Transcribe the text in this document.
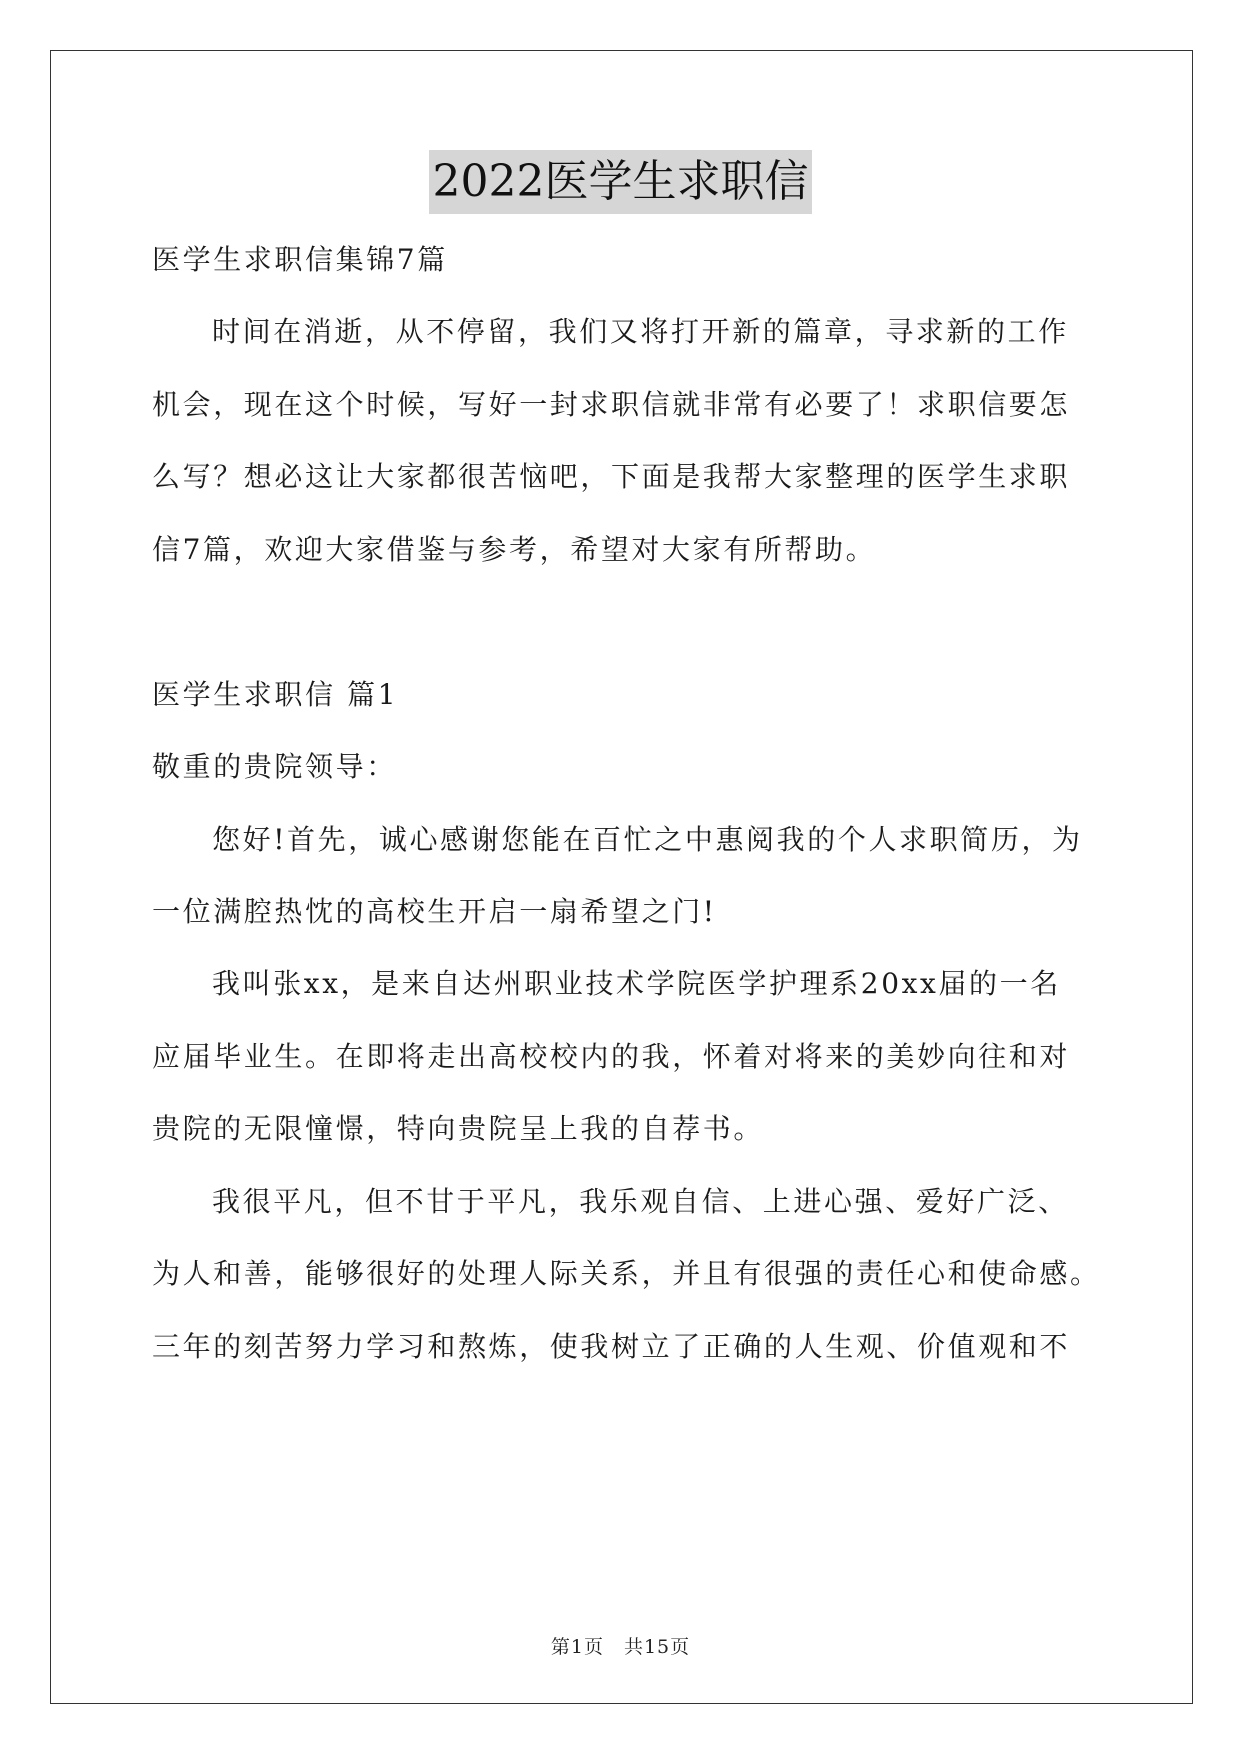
2022医学生求职信
医学生求职信集锦7篇
时间在消逝，从不停留，我们又将打开新的篇章，寻求新的工作
机会，现在这个时候，写好一封求职信就非常有必要了！求职信要怎
么写？想必这让大家都很苦恼吧，下面是我帮大家整理的医学生求职
信7篇，欢迎大家借鉴与参考，希望对大家有所帮助。
医学生求职信 篇1
敬重的贵院领导：
您好!首先，诚心感谢您能在百忙之中惠阅我的个人求职简历，为
一位满腔热忱的高校生开启一扇希望之门!
我叫张xx，是来自达州职业技术学院医学护理系20xx届的一名
应届毕业生。在即将走出高校校内的我，怀着对将来的美妙向往和对
贵院的无限憧憬，特向贵院呈上我的自荐书。
我很平凡，但不甘于平凡，我乐观自信、上进心强、爱好广泛、
为人和善，能够很好的处理人际关系，并且有很强的责任心和使命感。
三年的刻苦努力学习和熬炼，使我树立了正确的人生观、价值观和不
第1页 共15页
